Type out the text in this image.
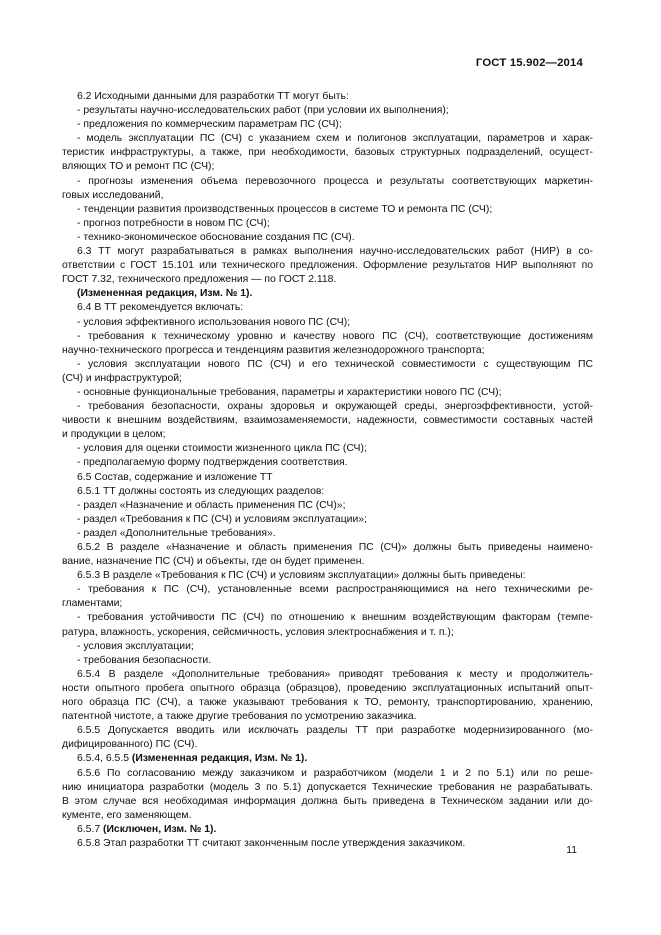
ГОСТ 15.902—2014
6.2 Исходными данными для разработки ТТ могут быть:
- результаты научно-исследовательских работ (при условии их выполнения);
- предложения по коммерческим параметрам ПС (СЧ);
- модель эксплуатации ПС (СЧ) с указанием схем и полигонов эксплуатации, параметров и харак-
теристик инфраструктуры, а также, при необходимости, базовых структурных подразделений, осущест-
вляющих ТО и ремонт ПС (СЧ);
- прогнозы изменения объема перевозочного процесса и результаты соответствующих маркетин-
говых исследований,
- тенденции развития производственных процессов в системе ТО и ремонта ПС (СЧ);
- прогноз потребности в новом ПС (СЧ);
- технико-экономическое обоснование создания ПС (СЧ).
6.3 ТТ могут разрабатываться в рамках выполнения научно-исследовательских работ (НИР) в со-
ответствии с ГОСТ 15.101 или технического предложения. Оформление результатов НИР выполняют по
ГОСТ 7.32, технического предложения — по ГОСТ 2.118.
(Измененная редакция, Изм. № 1).
6.4 В ТТ рекомендуется включать:
- условия эффективного использования нового ПС (СЧ);
- требования к техническому уровню и качеству нового ПС (СЧ), соответствующие достижениям
научно-технического прогресса и тенденциям развития железнодорожного транспорта;
- условия эксплуатации нового ПС (СЧ) и его технической совместимости с существующим ПС
(СЧ) и инфраструктурой;
- основные функциональные требования, параметры и характеристики нового ПС (СЧ);
- требования безопасности, охраны здоровья и окружающей среды, энергоэффективности, устой-
чивости к внешним воздействиям, взаимозаменяемости, надежности, совместимости составных частей
и продукции в целом;
- условия для оценки стоимости жизненного цикла ПС (СЧ);
- предполагаемую форму подтверждения соответствия.
6.5 Состав, содержание и изложение ТТ
6.5.1 ТТ должны состоять из следующих разделов:
- раздел «Назначение и область применения ПС (СЧ)»;
- раздел «Требования к ПС (СЧ) и условиям эксплуатации»;
- раздел «Дополнительные требования».
6.5.2 В разделе «Назначение и область применения ПС (СЧ)» должны быть приведены наимено-
вание, назначение ПС (СЧ) и объекты, где он будет применен.
6.5.3 В разделе «Требования к ПС (СЧ) и условиям эксплуатации» должны быть приведены:
- требования к ПС (СЧ), установленные всеми распространяющимися на него техническими ре-
гламентами;
- требования устойчивости ПС (СЧ) по отношению к внешним воздействующим факторам (темпе-
ратура, влажность, ускорения, сейсмичность, условия электроснабжения и т. п.);
- условия эксплуатации;
- требования безопасности.
6.5.4 В разделе «Дополнительные требования» приводят требования к месту и продолжитель-
ности опытного пробега опытного образца (образцов), проведению эксплуатационных испытаний опыт-
ного образца ПС (СЧ), а также указывают требования к ТО, ремонту, транспортированию, хранению,
патентной чистоте, а также другие требования по усмотрению заказчика.
6.5.5 Допускается вводить или исключать разделы ТТ при разработке модернизированного (мо-
дифицированного) ПС (СЧ).
6.5.4, 6.5.5 (Измененная редакция, Изм. № 1).
6.5.6 По согласованию между заказчиком и разработчиком (модели 1 и 2 по 5.1) или по реше-
нию инициатора разработки (модель 3 по 5.1) допускается Технические требования не разрабатывать.
В этом случае вся необходимая информация должна быть приведена в Техническом задании или до-
кументе, его заменяющем.
6.5.7 (Исключен, Изм. № 1).
6.5.8 Этап разработки ТТ считают законченным после утверждения заказчиком.
11
